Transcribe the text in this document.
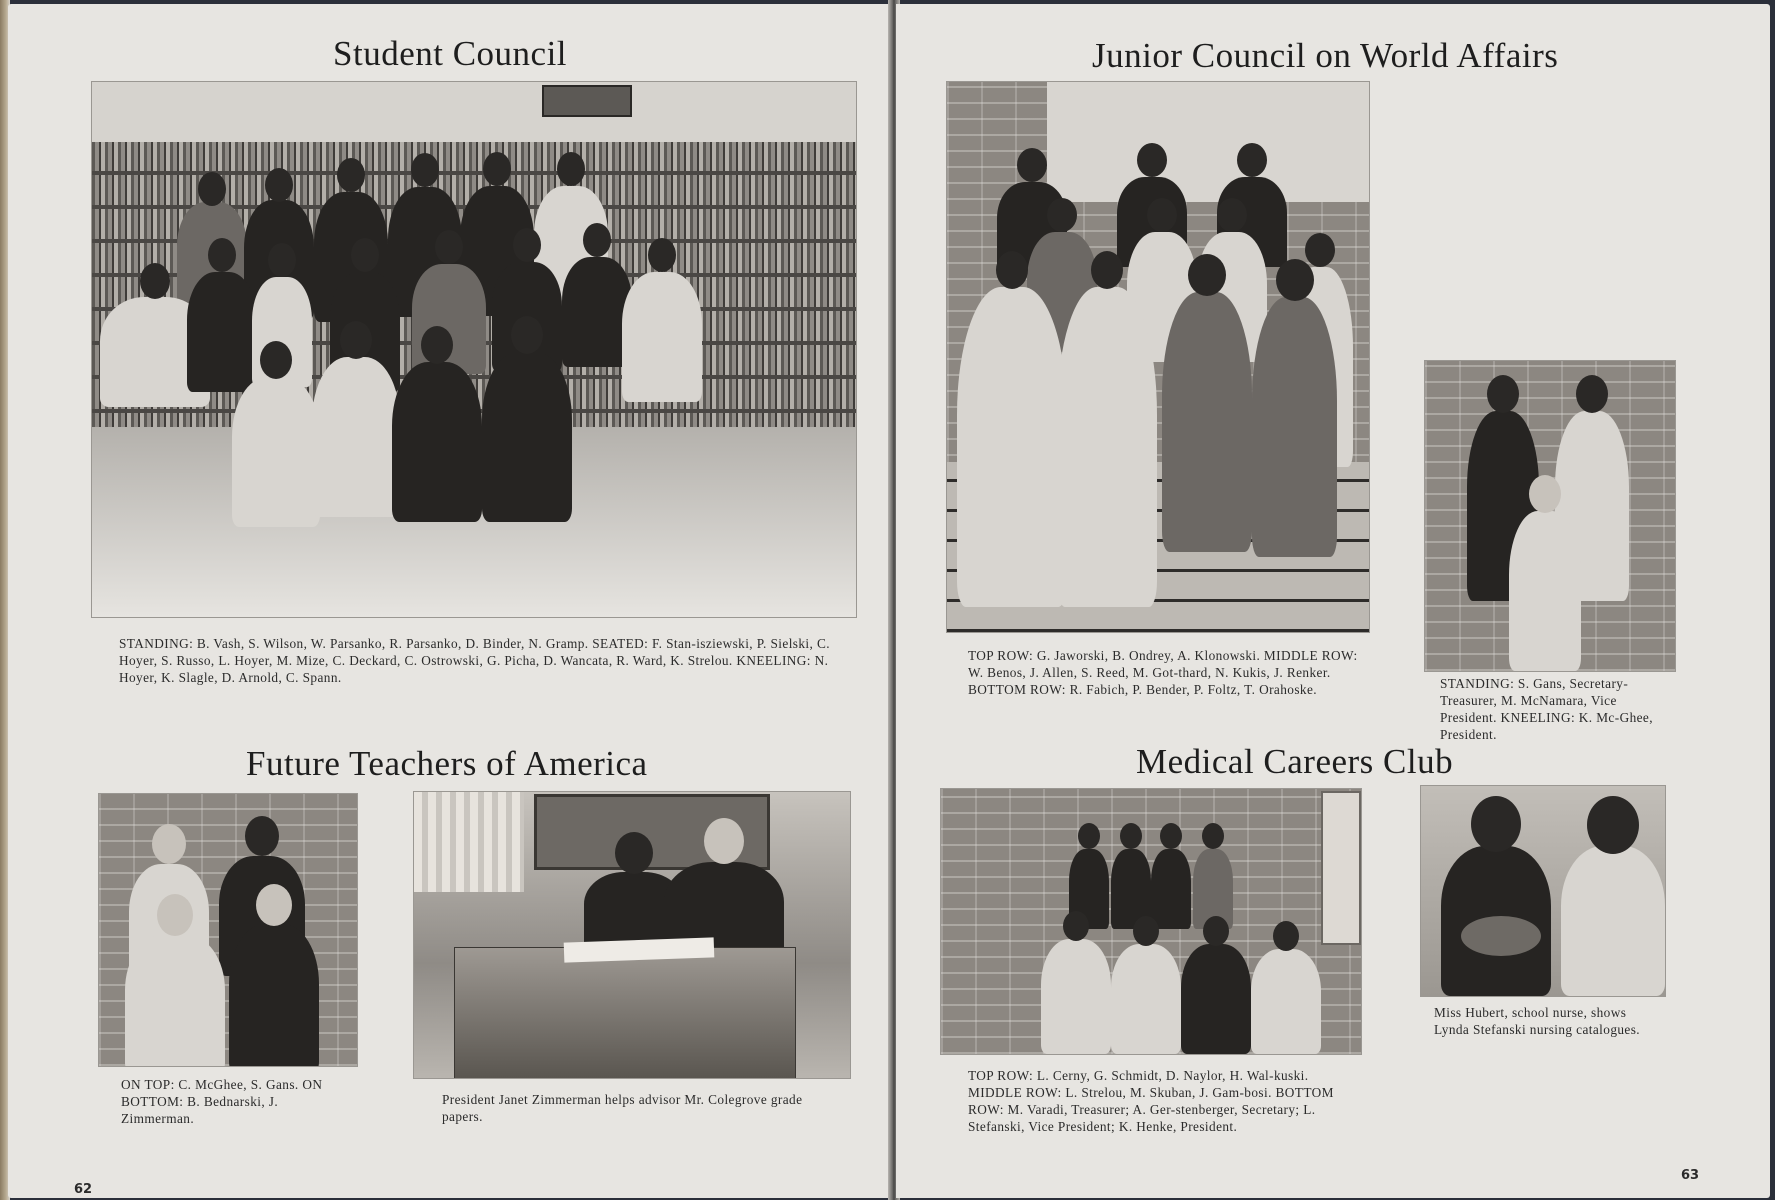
Student Council

STANDING: B. Vash, S. Wilson, W. Parsanko, R. Parsanko, D. Binder, N. Gramp. SEATED: F. Stan-isziewski, P. Sielski, C. Hoyer, S. Russo, L. Hoyer, M. Mize, C. Deckard, C. Ostrowski, G. Picha, D. Wancata, R. Ward, K. Strelou. KNEELING: N. Hoyer, K. Slagle, D. Arnold, C. Spann.

Future Teachers of America

ON TOP: C. McGhee, S. Gans. ON BOTTOM: B. Bednarski, J. Zimmerman.

President Janet Zimmerman helps advisor Mr. Colegrove grade papers.

62

Junior Council on World Affairs

TOP ROW: G. Jaworski, B. Ondrey, A. Klonowski. MIDDLE ROW: W. Benos, J. Allen, S. Reed, M. Got-thard, N. Kukis, J. Renker. BOTTOM ROW: R. Fabich, P. Bender, P. Foltz, T. Orahoske.	STANDING: S. Gans, Secretary-Treasurer, M. McNamara, Vice President. KNEELING: K. Mc-Ghee, President.

Medical Careers Club

TOP ROW: L. Cerny, G. Schmidt, D. Naylor, H. Wal-kuski. MIDDLE ROW: L. Strelou, M. Skuban, J. Gam-bosi. BOTTOM ROW: M. Varadi, Treasurer; A. Ger-stenberger, Secretary; L. Stefanski, Vice President; K. Henke, President.

Miss Hubert, school nurse, shows Lynda Stefanski nursing catalogues.

63
